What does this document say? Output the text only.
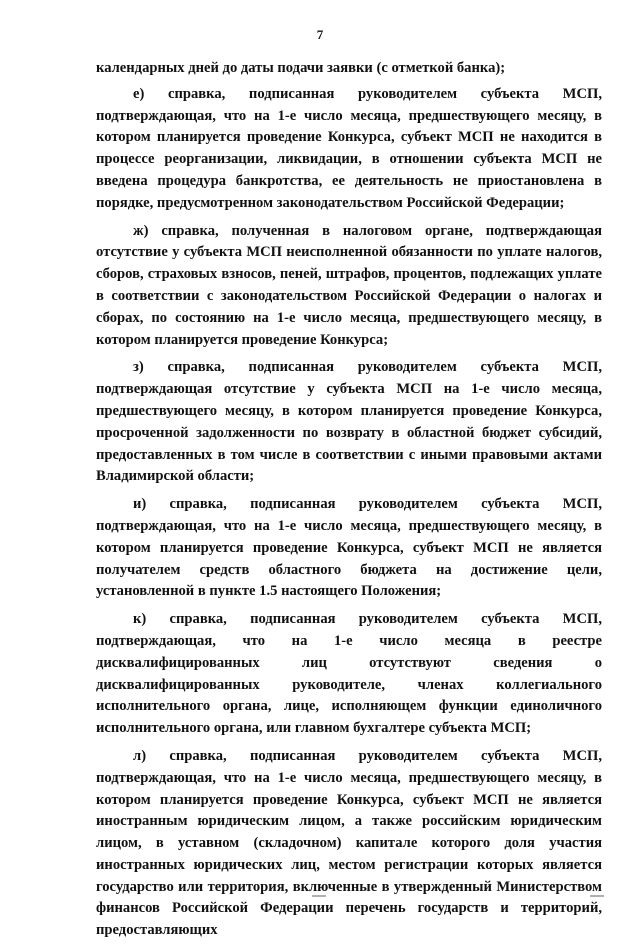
7

календарных дней до даты подачи заявки (с отметкой банка);

е) справка, подписанная руководителем субъекта МСП, подтверждающая, что на 1-е число месяца, предшествующего месяцу, в котором планируется проведение Конкурса, субъект МСП не находится в процессе реорганизации, ликвидации, в отношении субъекта МСП не введена процедура банкротства, ее деятельность не приостановлена в порядке, предусмотренном законодательством Российской Федерации;

ж) справка, полученная в налоговом органе, подтверждающая отсутствие у субъекта МСП неисполненной обязанности по уплате налогов, сборов, страховых взносов, пеней, штрафов, процентов, подлежащих уплате в соответствии с законодательством Российской Федерации о налогах и сборах, по состоянию на 1-е число месяца, предшествующего месяцу, в котором планируется проведение Конкурса;

з) справка, подписанная руководителем субъекта МСП, подтверждающая отсутствие у субъекта МСП на 1-е число месяца, предшествующего месяцу, в котором планируется проведение Конкурса, просроченной задолженности по возврату в областной бюджет субсидий, предоставленных в том числе в соответствии с иными правовыми актами Владимирской области;

и) справка, подписанная руководителем субъекта МСП, подтверждающая, что на 1-е число месяца, предшествующего месяцу, в котором планируется проведение Конкурса, субъект МСП не является получателем средств областного бюджета на достижение цели, установленной в пункте 1.5 настоящего Положения;

к) справка, подписанная руководителем субъекта МСП, подтверждающая, что на 1-е число месяца в реестре дисквалифицированных лиц отсутствуют сведения о дисквалифицированных руководителе, членах коллегиального исполнительного органа, лице, исполняющем функции единоличного исполнительного органа, или главном бухгалтере субъекта МСП;

л) справка, подписанная руководителем субъекта МСП, подтверждающая, что на 1-е число месяца, предшествующего месяцу, в котором планируется проведение Конкурса, субъект МСП не является иностранным юридическим лицом, а также российским юридическим лицом, в уставном (складочном) капитале которого доля участия иностранных юридических лиц, местом регистрации которых является государство или территория, включенные в утвержденный Министерством финансов Российской Федерации перечень государств и территорий, предоставляющих
